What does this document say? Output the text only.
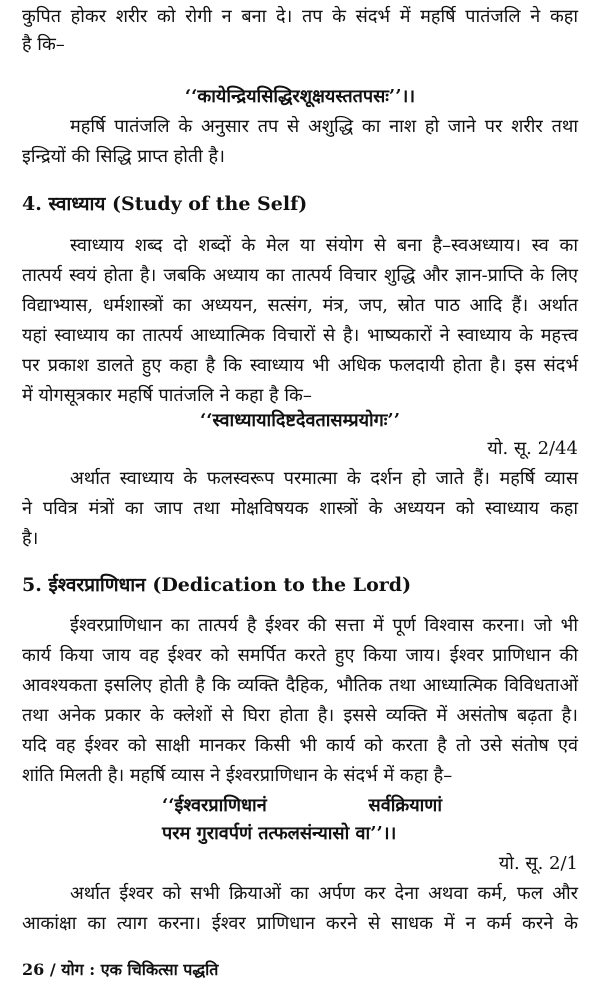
कुपित होकर शरीर को रोगी न बना दे। तप के संदर्भ में महर्षि पातंजलि ने कहा
है कि–
‘‘कायेन्द्रियसिद्धिरशूक्षयस्ततपसः’’।।
महर्षि पातंजलि के अनुसार तप से अशुद्धि का नाश हो जाने पर शरीर तथा
इन्द्रियों की सिद्धि प्राप्त होती है।
4. स्वाध्याय (Study of the Self)
स्वाध्याय शब्द दो शब्दों के मेल या संयोग से बना है–स्वअध्याय। स्व का
तात्पर्य स्वयं होता है। जबकि अध्याय का तात्पर्य विचार शुद्धि और ज्ञान-प्राप्ति के लिए
विद्याभ्यास, धर्मशास्त्रों का अध्ययन, सत्संग, मंत्र, जप, स्रोत पाठ आदि हैं। अर्थात
यहां स्वाध्याय का तात्पर्य आध्यात्मिक विचारों से है। भाष्यकारों ने स्वाध्याय के महत्त्व
पर प्रकाश डालते हुए कहा है कि स्वाध्याय भी अधिक फलदायी होता है। इस संदर्भ
में योगसूत्रकार महर्षि पातंजलि ने कहा है कि–
‘‘स्वाध्यायादिष्टदेवतासम्प्रयोगः’’
यो. सू. 2/44
अर्थात स्वाध्याय के फलस्वरूप परमात्मा के दर्शन हो जाते हैं। महर्षि व्यास
ने पवित्र मंत्रों का जाप तथा मोक्षविषयक शास्त्रों के अध्ययन को स्वाध्याय कहा
है।
5. ईश्वरप्राणिधान (Dedication to the Lord)
ईश्वरप्राणिधान का तात्पर्य है ईश्वर की सत्ता में पूर्ण विश्वास करना। जो भी
कार्य किया जाय वह ईश्वर को समर्पित करते हुए किया जाय। ईश्वर प्राणिधान की
आवश्यकता इसलिए होती है कि व्यक्ति दैहिक, भौतिक तथा आध्यात्मिक विविधताओं
तथा अनेक प्रकार के क्लेशों से घिरा होता है। इससे व्यक्ति में असंतोष बढ़ता है।
यदि वह ईश्वर को साक्षी मानकर किसी भी कार्य को करता है तो उसे संतोष एवं
शांति मिलती है। महर्षि व्यास ने ईश्वरप्राणिधान के संदर्भ में कहा है–
‘‘ईश्वरप्राणिधानं	सर्वक्रियाणां
परम गुरावर्पणं तत्फलसंन्यासो वा’’।।
यो. सू. 2/1
अर्थात ईश्वर को सभी क्रियाओं का अर्पण कर देना अथवा कर्म, फल और
आकांक्षा का त्याग करना। ईश्वर प्राणिधान करने से साधक में न कर्म करने के
26 / योग : एक चिकित्सा पद्धति
